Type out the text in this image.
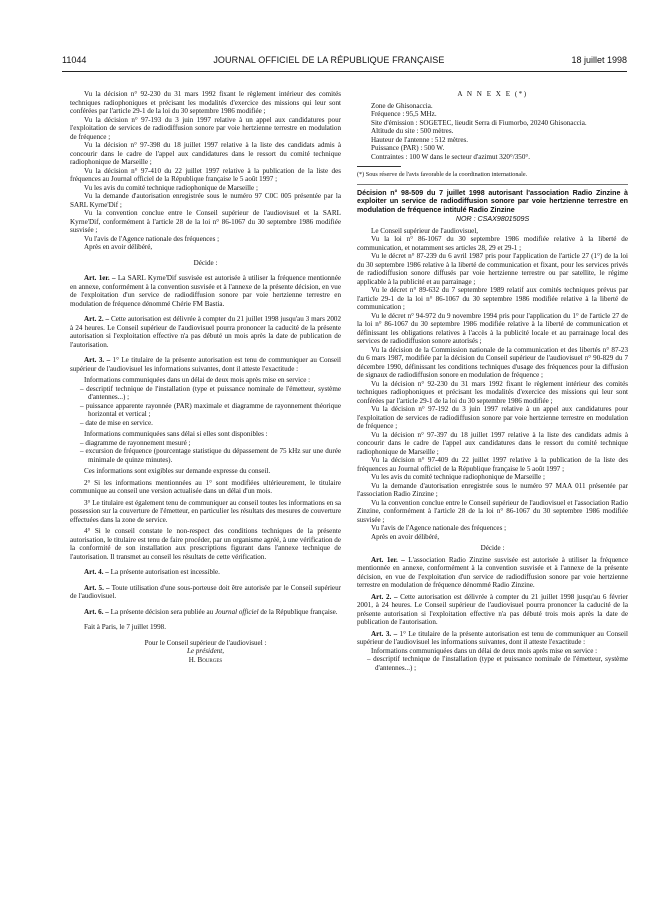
11044	JOURNAL OFFICIEL DE LA RÉPUBLIQUE FRANÇAISE	18 juillet 1998

Vu la décision n° 92-230 du 31 mars 1992 fixant le règlement intérieur des comités techniques radiophoniques et précisant les modalités d'exercice des missions qui leur sont conférées par l'article 29-1 de la loi du 30 septembre 1986 modifiée ;

Vu la décision n° 97-193 du 3 juin 1997 relative à un appel aux candidatures pour l'exploitation de services de radiodiffusion sonore par voie hertzienne terrestre en modulation de fréquence ;

Vu la décision n° 97-398 du 18 juillet 1997 relative à la liste des candidats admis à concourir dans le cadre de l'appel aux candidatures dans le ressort du comité technique radiophonique de Marseille ;

Vu la décision n° 97-410 du 22 juillet 1997 relative à la publication de la liste des fréquences au Journal officiel de la République française le 5 août 1997 ;

Vu les avis du comité technique radiophonique de Marseille ;

Vu la demande d'autorisation enregistrée sous le numéro 97 C0C 005 présentée par la SARL Kyrne'Dif ;

Vu la convention conclue entre le Conseil supérieur de l'audiovisuel et la SARL Kyrne'Dif, conformément à l'article 28 de la loi n° 86-1067 du 30 septembre 1986 modifiée susvisée ;

Vu l'avis de l'Agence nationale des fréquences ;

Après en avoir délibéré,

Décide :

Art. 1er. – La SARL Kyrne'Dif susvisée est autorisée à utiliser la fréquence mentionnée en annexe, conformément à la convention susvisée et à l'annexe de la présente décision, en vue de l'exploitation d'un service de radiodiffusion sonore par voie hertzienne terrestre en modulation de fréquence dénommé Chérie FM Bastia.

Art. 2. – Cette autorisation est délivrée à compter du 21 juillet 1998 jusqu'au 3 mars 2002 à 24 heures. Le Conseil supérieur de l'audiovisuel pourra prononcer la caducité de la présente autorisation si l'exploitation effective n'a pas débuté un mois après la date de publication de l'autorisation.

Art. 3. – 1° Le titulaire de la présente autorisation est tenu de communiquer au Conseil supérieur de l'audiovisuel les informations suivantes, dont il atteste l'exactitude :

Informations communiquées dans un délai de deux mois après mise en service :

– descriptif technique de l'installation (type et puissance nominale de l'émetteur, système d'antennes...) ;

– puissance apparente rayonnée (PAR) maximale et diagramme de rayonnement théorique horizontal et vertical ;

– date de mise en service.

Informations communiquées sans délai si elles sont disponibles :

– diagramme de rayonnement mesuré ;

– excursion de fréquence (pourcentage statistique du dépassement de 75 kHz sur une durée minimale de quinze minutes).

Ces informations sont exigibles sur demande expresse du conseil.

2° Si les informations mentionnées au 1° sont modifiées ultérieurement, le titulaire communique au conseil une version actualisée dans un délai d'un mois.

3° Le titulaire est également tenu de communiquer au conseil toutes les informations en sa possession sur la couverture de l'émetteur, en particulier les résultats des mesures de couverture effectuées dans la zone de service.

4° Si le conseil constate le non-respect des conditions techniques de la présente autorisation, le titulaire est tenu de faire procéder, par un organisme agréé, à une vérification de la conformité de son installation aux prescriptions figurant dans l'annexe technique de l'autorisation. Il transmet au conseil les résultats de cette vérification.

Art. 4. – La présente autorisation est incessible.

Art. 5. – Toute utilisation d'une sous-porteuse doit être autorisée par le Conseil supérieur de l'audiovisuel.

Art. 6. – La présente décision sera publiée au Journal officiel de la République française.

Fait à Paris, le 7 juillet 1998.

Pour le Conseil supérieur de l'audiovisuel :

Le président,

H. Bourges

A N N E X E (*)

Zone de Ghisonaccia.

Fréquence : 95,5 MHz.

Site d'émission : SOGETEC, lieudit Serra di Fiumorbo, 20240 Ghisonaccia.

Altitude du site : 500 mètres.

Hauteur de l'antenne : 512 mètres.

Puissance (PAR) : 500 W.

Contraintes : 100 W dans le secteur d'azimut 320°/350°.

(*) Sous réserve de l'avis favorable de la coordination internationale.

Décision n° 98-509 du 7 juillet 1998 autorisant l'association Radio Zinzine à exploiter un service de radiodiffusion sonore par voie hertzienne terrestre en modulation de fréquence intitulé Radio Zinzine

NOR : CSAX9801509S

Le Conseil supérieur de l'audiovisuel,

Vu la loi n° 86-1067 du 30 septembre 1986 modifiée relative à la liberté de communication, et notamment ses articles 28, 29 et 29-1 ;

Vu le décret n° 87-239 du 6 avril 1987 pris pour l'application de l'article 27 (1°) de la loi du 30 septembre 1986 relative à la liberté de communication et fixant, pour les services privés de radiodiffusion sonore diffusés par voie hertzienne terrestre ou par satellite, le régime applicable à la publicité et au parrainage ;

Vu le décret n° 89-632 du 7 septembre 1989 relatif aux comités techniques prévus par l'article 29-1 de la loi n° 86-1067 du 30 septembre 1986 modifiée relative à la liberté de communication ;

Vu le décret n° 94-972 du 9 novembre 1994 pris pour l'application du 1° de l'article 27 de la loi n° 86-1067 du 30 septembre 1986 modifiée relative à la liberté de communication et définissant les obligations relatives à l'accès à la publicité locale et au parrainage local des services de radiodiffusion sonore autorisés ;

Vu la décision de la Commission nationale de la communication et des libertés n° 87-23 du 6 mars 1987, modifiée par la décision du Conseil supérieur de l'audiovisuel n° 90-829 du 7 décembre 1990, définissant les conditions techniques d'usage des fréquences pour la diffusion de signaux de radiodiffusion sonore en modulation de fréquence ;

Vu la décision n° 92-230 du 31 mars 1992 fixant le règlement intérieur des comités techniques radiophoniques et précisant les modalités d'exercice des missions qui leur sont conférées par l'article 29-1 de la loi du 30 septembre 1986 modifiée ;

Vu la décision n° 97-192 du 3 juin 1997 relative à un appel aux candidatures pour l'exploitation de services de radiodiffusion sonore par voie hertzienne terrestre en modulation de fréquence ;

Vu la décision n° 97-397 du 18 juillet 1997 relative à la liste des candidats admis à concourir dans le cadre de l'appel aux candidatures dans le ressort du comité technique radiophonique de Marseille ;

Vu la décision n° 97-409 du 22 juillet 1997 relative à la publication de la liste des fréquences au Journal officiel de la République française le 5 août 1997 ;

Vu les avis du comité technique radiophonique de Marseille ;

Vu la demande d'autorisation enregistrée sous le numéro 97 MAA 011 présentée par l'association Radio Zinzine ;

Vu la convention conclue entre le Conseil supérieur de l'audiovisuel et l'association Radio Zinzine, conformément à l'article 28 de la loi n° 86-1067 du 30 septembre 1986 modifiée susvisée ;

Vu l'avis de l'Agence nationale des fréquences ;

Après en avoir délibéré,

Décide :

Art. 1er. – L'association Radio Zinzine susvisée est autorisée à utiliser la fréquence mentionnée en annexe, conformément à la convention susvisée et à l'annexe de la présente décision, en vue de l'exploitation d'un service de radiodiffusion sonore par voie hertzienne terrestre en modulation de fréquence dénommé Radio Zinzine.

Art. 2. – Cette autorisation est délivrée à compter du 21 juillet 1998 jusqu'au 6 février 2001, à 24 heures. Le Conseil supérieur de l'audiovisuel pourra prononcer la caducité de la présente autorisation si l'exploitation effective n'a pas débuté trois mois après la date de publication de l'autorisation.

Art. 3. – 1° Le titulaire de la présente autorisation est tenu de communiquer au Conseil supérieur de l'audiovisuel les informations suivantes, dont il atteste l'exactitude :

Informations communiquées dans un délai de deux mois après mise en service :

– descriptif technique de l'installation (type et puissance nominale de l'émetteur, système d'antennes...) ;
